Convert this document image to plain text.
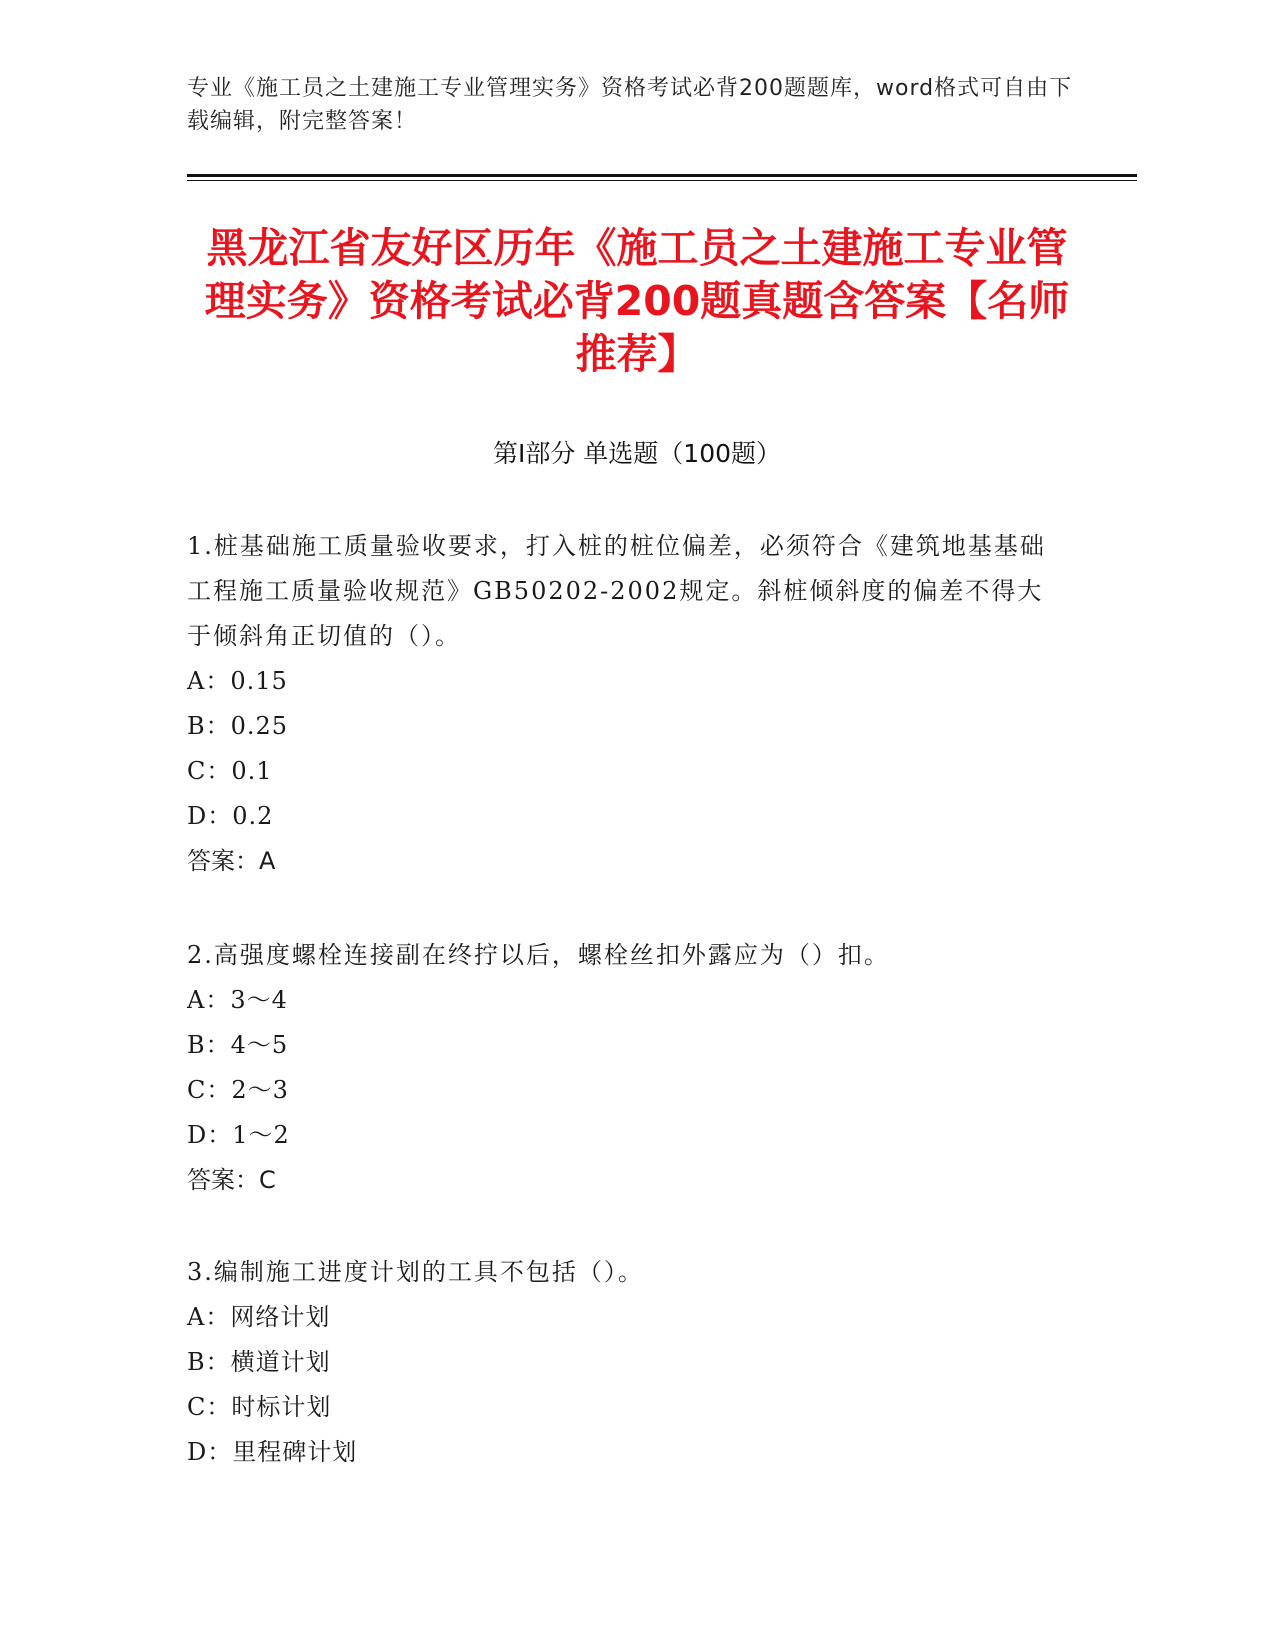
专业《施工员之土建施工专业管理实务》资格考试必背200题题库，word格式可自由下载编辑，附完整答案！
黑龙江省友好区历年《施工员之土建施工专业管理实务》资格考试必背200题真题含答案【名师推荐】
第I部分 单选题（100题）
1.桩基础施工质量验收要求，打入桩的桩位偏差，必须符合《建筑地基基础工程施工质量验收规范》GB50202-2002规定。斜桩倾斜度的偏差不得大于倾斜角正切值的（）。
A：0.15
B：0.25
C：0.1
D：0.2
答案：A
2.高强度螺栓连接副在终拧以后，螺栓丝扣外露应为（）扣。
A：3～4
B：4～5
C：2～3
D：1～2
答案：C
3.编制施工进度计划的工具不包括（）。
A：网络计划
B：横道计划
C：时标计划
D：里程碑计划
